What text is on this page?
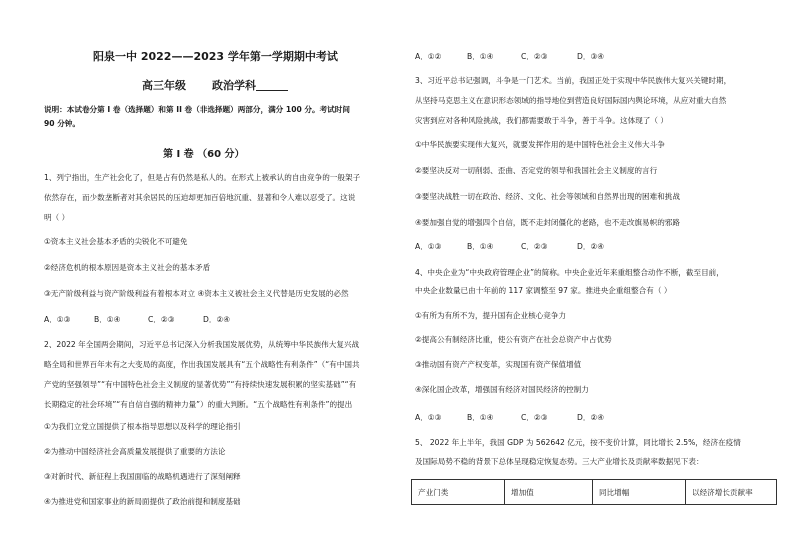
阳泉一中 2022——2023 学年第一学期期中考试
高三年级 政治学科
说明：本试卷分第 I 卷（选择题）和第 II 卷（非选择题）两部分，满分 100 分。考试时间
90 分钟。
第 I 卷 （60 分）
1、列宁指出，生产社会化了，但是占有仍然是私人的。在形式上被承认的自由竞争的一般架子
依然存在，而少数垄断者对其余居民的压迫却更加百倍地沉重、显著和令人难以忍受了。这说
明（ ）
①资本主义社会基本矛盾的尖锐化不可避免
②经济危机的根本原因是资本主义社会的基本矛盾
③无产阶级利益与资产阶级利益有着根本对立 ④资本主义被社会主义代替是历史发展的必然
A．①③	B．①④	C．②③	D．②④
2、2022 年全国两会期间，习近平总书记深入分析我国发展优势，从统筹中华民族伟大复兴战
略全局和世界百年未有之大变局的高度，作出我国发展具有“五个战略性有利条件”（“有中国共
产党的坚强领导”“有中国特色社会主义制度的显著优势”“有持续快速发展积累的坚实基础”“有
长期稳定的社会环境”“有自信自强的精神力量”）的重大判断。“五个战略性有利条件”的提出
①为我们立党立国提供了根本指导思想以及科学的理论指引
②为推动中国经济社会高质量发展提供了重要的方法论
③对新时代、新征程上我国面临的战略机遇进行了深刻阐释
④为推进党和国家事业的新局面提供了政治前提和制度基础
A．①②	B．①④	C．②③	D．③④
3、习近平总书记强调，斗争是一门艺术。当前，我国正处于实现中华民族伟大复兴关键时期，
从坚持马克思主义在意识形态领域的指导地位到营造良好国际国内舆论环境，从应对重大自然
灾害到应对各种风险挑战，我们都需要敢于斗争，善于斗争。这体现了（ ）
①中华民族要实现伟大复兴，就要发挥作用的是中国特色社会主义伟大斗争
②要坚决反对一切削弱、歪曲、否定党的领导和我国社会主义制度的言行
③要坚决战胜一切在政治、经济、文化、社会等领域和自然界出现的困难和挑战
④要加强自觉的增强四个自信，既不走封闭僵化的老路，也不走改旗易帜的邪路
A．①③	B．①④	C．②③	D．②④
4、中央企业为“中央政府管理企业”的简称。中央企业近年来重组整合动作不断，截至目前，
中央企业数量已由十年前的 117 家调整至 97 家。推进央企重组整合有（ ）
①有所为有所不为，提升国有企业核心竞争力
②提高公有制经济比重，使公有资产在社会总资产中占优势
③推动国有资产产权变革，实现国有资产保值增值
④深化国企改革，增强国有经济对国民经济的控制力
A．①③	B．①④	C．②③	D．②④
5、 2022 年上半年，我国 GDP 为 562642 亿元，按不变价计算，同比增长 2.5%，经济在疫情
及国际局势不稳的背景下总体呈现稳定恢复态势。三大产业增长及贡献率数据见下表：
产业门类	增加值	同比增幅	以经济增长贡献率
